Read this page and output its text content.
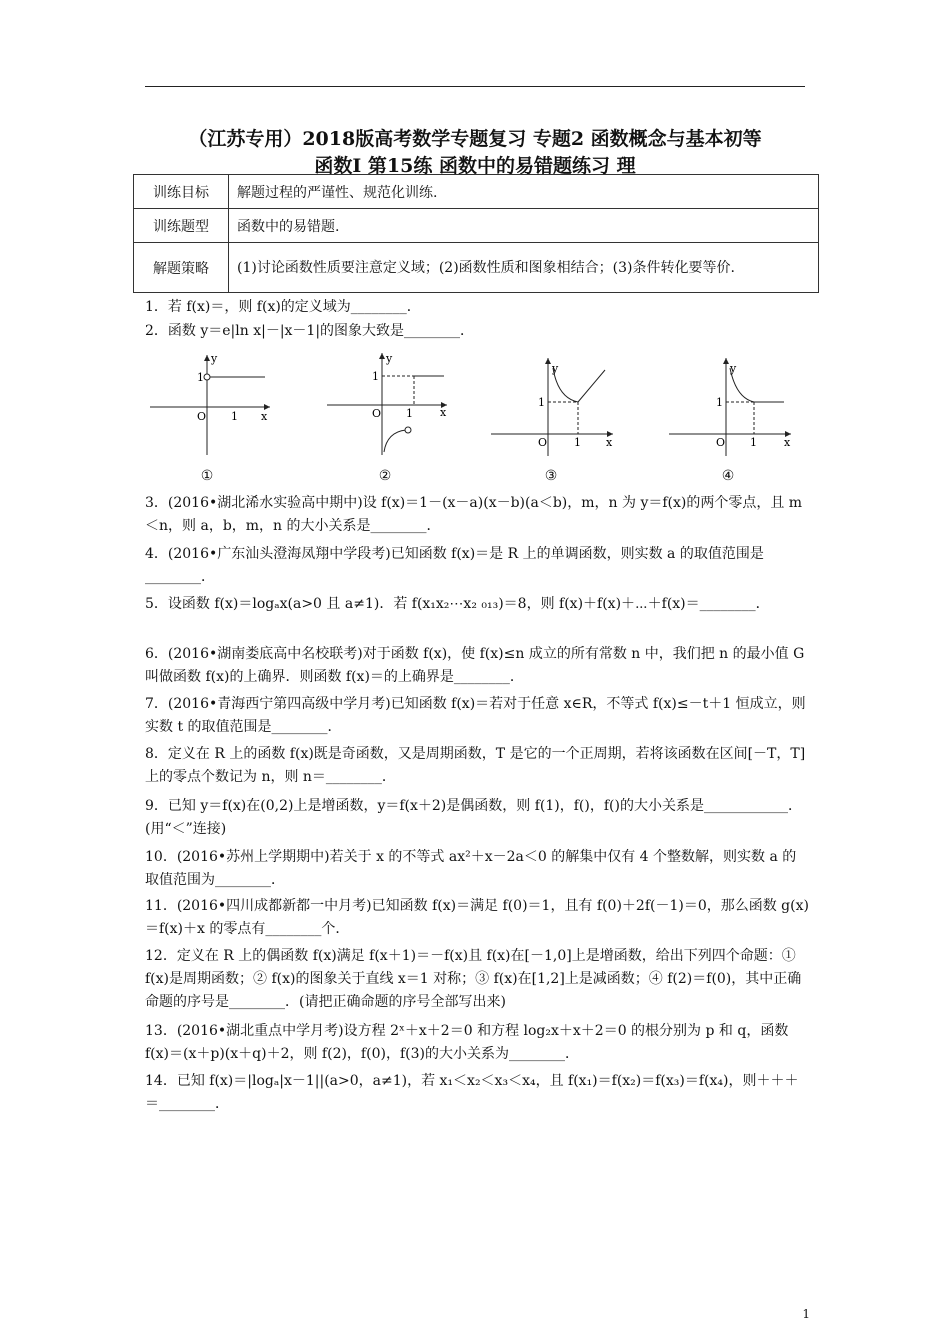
（江苏专用）2018版高考数学专题复习 专题2 函数概念与基本初等
函数Ⅰ 第15练 函数中的易错题练习 理
训练目标	解题过程的严谨性、规范化训练.
训练题型	函数中的易错题.
解题策略	(1)讨论函数性质要注意定义域；(2)函数性质和图象相结合；(3)条件转化要等价.
1．若 f(x)＝，则 f(x)的定义域为________．
2．函数 y＝e|ln x|－|x－1|的图象大致是________．
y
x
O
1
1
①
y
x
O
1
1
②
y
x
O
1
1
③
y
x
O
1
1
④
3．(2016•湖北浠水实验高中期中)设 f(x)＝1－(x－a)(x－b)(a＜b)，m，n 为 y＝f(x)的两个零点，且 m＜n，则 a，b，m，n 的大小关系是________．
4．(2016•广东汕头澄海凤翔中学段考)已知函数 f(x)＝是 R 上的单调函数，则实数 a 的取值范围是________．
5．设函数 f(x)＝logₐx(a>0 且 a≠1)．若 f(x₁x₂⋯x₂ ₀₁₃)＝8，则 f(x)＋f(x)＋⋯＋f(x)＝________．
6．(2016•湖南娄底高中名校联考)对于函数 f(x)，使 f(x)≤n 成立的所有常数 n 中，我们把 n 的最小值 G 叫做函数 f(x)的上确界．则函数 f(x)＝的上确界是________．
7．(2016•青海西宁第四高级中学月考)已知函数 f(x)＝若对于任意 x∈R，不等式 f(x)≤－t＋1 恒成立，则实数 t 的取值范围是________．
8．定义在 R 上的函数 f(x)既是奇函数，又是周期函数，T 是它的一个正周期，若将该函数在区间[－T，T]上的零点个数记为 n，则 n＝________．
9．已知 y＝f(x)在(0,2)上是增函数，y＝f(x＋2)是偶函数，则 f(1)，f()，f()的大小关系是____________．(用“＜”连接)
10．(2016•苏州上学期期中)若关于 x 的不等式 ax²＋x－2a＜0 的解集中仅有 4 个整数解，则实数 a 的取值范围为________．
11．(2016•四川成都新都一中月考)已知函数 f(x)＝满足 f(0)＝1，且有 f(0)＋2f(－1)＝0，那么函数 g(x)＝f(x)＋x 的零点有________个．
12．定义在 R 上的偶函数 f(x)满足 f(x＋1)＝－f(x)且 f(x)在[－1,0]上是增函数，给出下列四个命题：① f(x)是周期函数；② f(x)的图象关于直线 x＝1 对称；③ f(x)在[1,2]上是减函数；④ f(2)＝f(0)，其中正确命题的序号是________．(请把正确命题的序号全部写出来)
13．(2016•湖北重点中学月考)设方程 2ˣ＋x＋2＝0 和方程 log₂x＋x＋2＝0 的根分别为 p 和 q，函数 f(x)＝(x＋p)(x＋q)＋2，则 f(2)，f(0)，f(3)的大小关系为________．
14．已知 f(x)＝|logₐ|x－1||(a>0，a≠1)，若 x₁＜x₂＜x₃＜x₄，且 f(x₁)＝f(x₂)＝f(x₃)＝f(x₄)，则＋＋＋＝________．
1
